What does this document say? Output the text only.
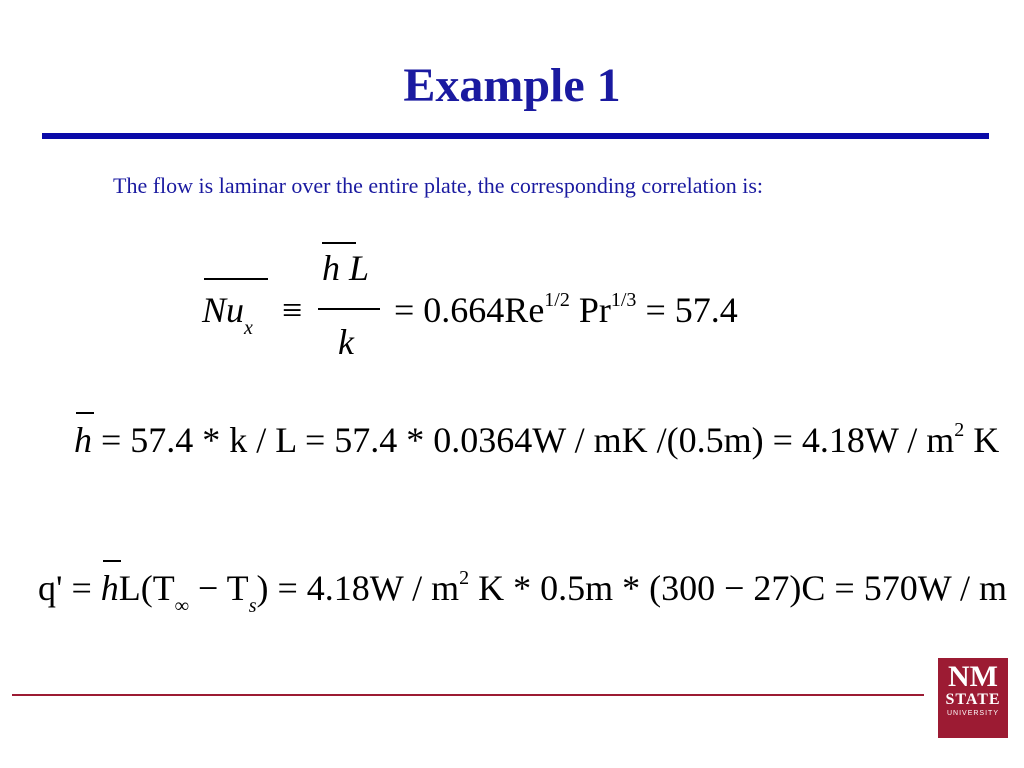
Example 1
The flow is laminar over the entire plate, the corresponding correlation is:
$Nu_x$ ≡
h L
k
= $0.664Re^{1/2}$ $Pr^{1/3} = 57.4$
h = 57.4 * k / L = 57.4 * 0.0364W / mK $/(0.5m) = 4.18W / m^2$ K
$q' = hL(T_\infty - T_s) = 4.18W / m^2$ K * 0.5m * (300 − 27)C = 570W / m
NM
STATE
UNIVERSITY
